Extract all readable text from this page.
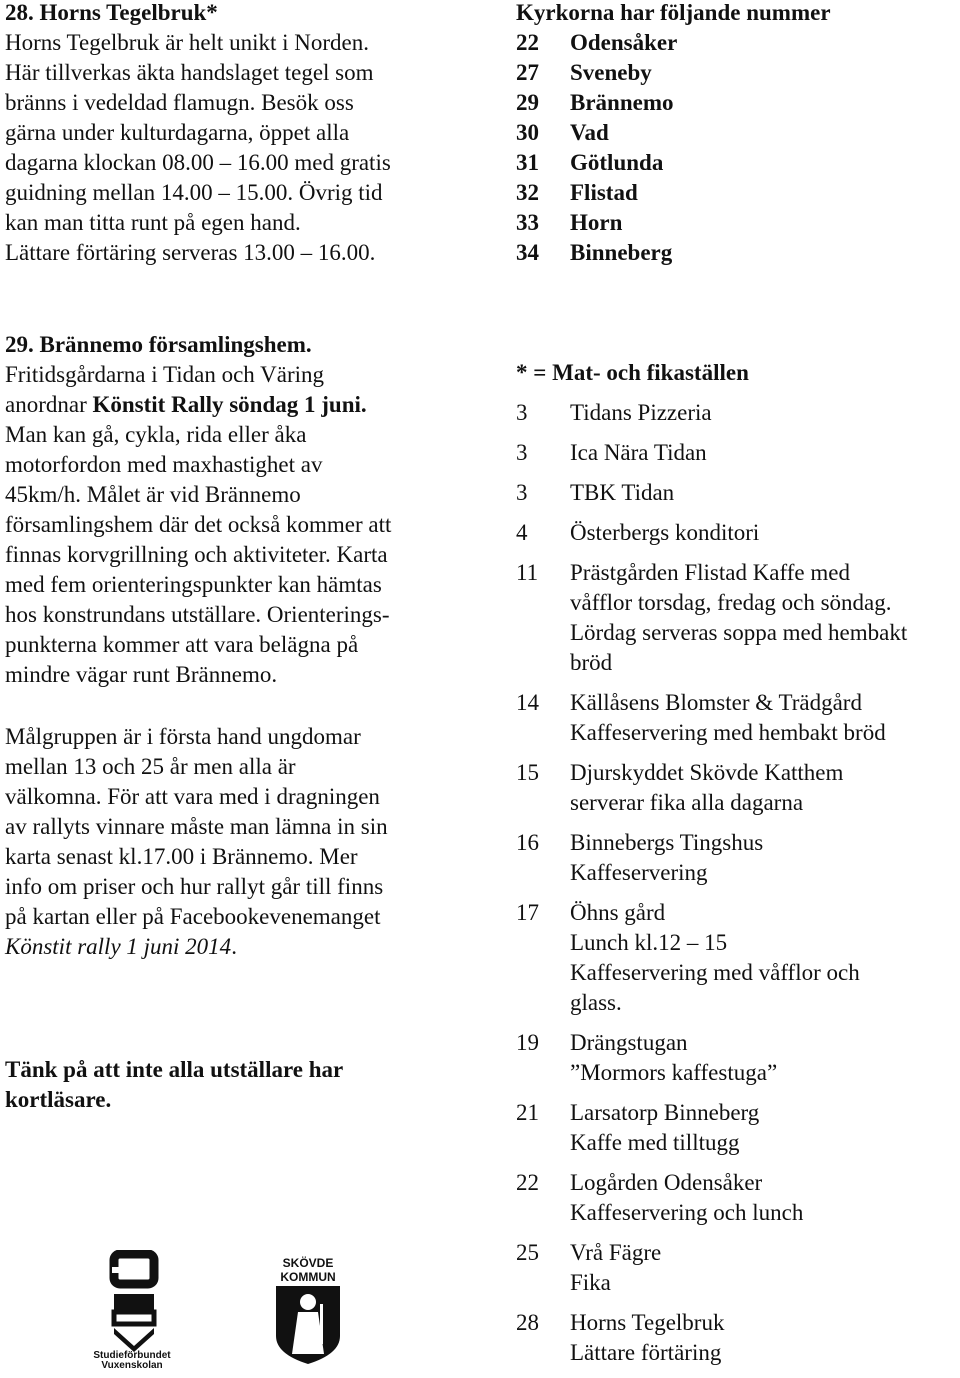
28. Horns Tegelbruk*
Horns Tegelbruk är helt unikt i Norden.
Här tillverkas äkta handslaget tegel som
bränns i vedeldad flamugn. Besök oss
gärna under kulturdagarna, öppet alla
dagarna klockan 08.00 – 16.00 med gratis
guidning mellan 14.00 – 15.00. Övrig tid
kan man titta runt på egen hand.
Lättare förtäring serveras 13.00 – 16.00.
Kyrkorna har följande nummer
22	Odensåker
27	Sveneby
29	Brännemo
30	Vad
31	Götlunda
32	Flistad
33	Horn
34	Binneberg
29. Brännemo församlingshem.
Fritidsgårdarna i Tidan och Väring
anordnar Könstit Rally söndag 1 juni.
Man kan gå, cykla, rida eller åka
motorfordon med maxhastighet av
45km/h. Målet är vid Brännemo
församlingshem där det också kommer att
finnas korvgrillning och aktiviteter. Karta
med fem orienteringspunkter kan hämtas
hos konstrundans utställare. Orienterings-
punkterna kommer att vara belägna på
mindre vägar runt Brännemo.
Målgruppen är i första hand ungdomar
mellan 13 och 25 år men alla är
välkomna. För att vara med i dragningen
av rallyts vinnare måste man lämna in sin
karta senast kl.17.00 i Brännemo. Mer
info om priser och hur rallyt går till finns
på kartan eller på Facebookevenemanget
Könstit rally 1 juni 2014.
Tänk på att inte alla utställare har
kortläsare.
* = Mat- och fikaställen
3	Tidans Pizzeria
3	Ica Nära Tidan
3	TBK Tidan
4	Österbergs konditori
11	Prästgården Flistad Kaffe med
våfflor torsdag, fredag och söndag.
Lördag serveras soppa med hembakt
bröd
14	Källåsens Blomster & Trädgård
Kaffeservering med hembakt bröd
15	Djurskyddet Skövde Katthem
serverar fika alla dagarna
16	Binnebergs Tingshus
Kaffeservering
17	Öhns gård
Lunch kl.12 – 15
Kaffeservering med våfflor och
glass.
19	Drängstugan
”Mormors kaffestuga”
21	Larsatorp Binneberg
Kaffe med tilltugg
22	Logården Odensåker
Kaffeservering och lunch
25	Vrå Fägre
Fika
28	Horns Tegelbruk
Lättare förtäring
Studieförbundet
Vuxenskolan
SKÖVDE
KOMMUN
